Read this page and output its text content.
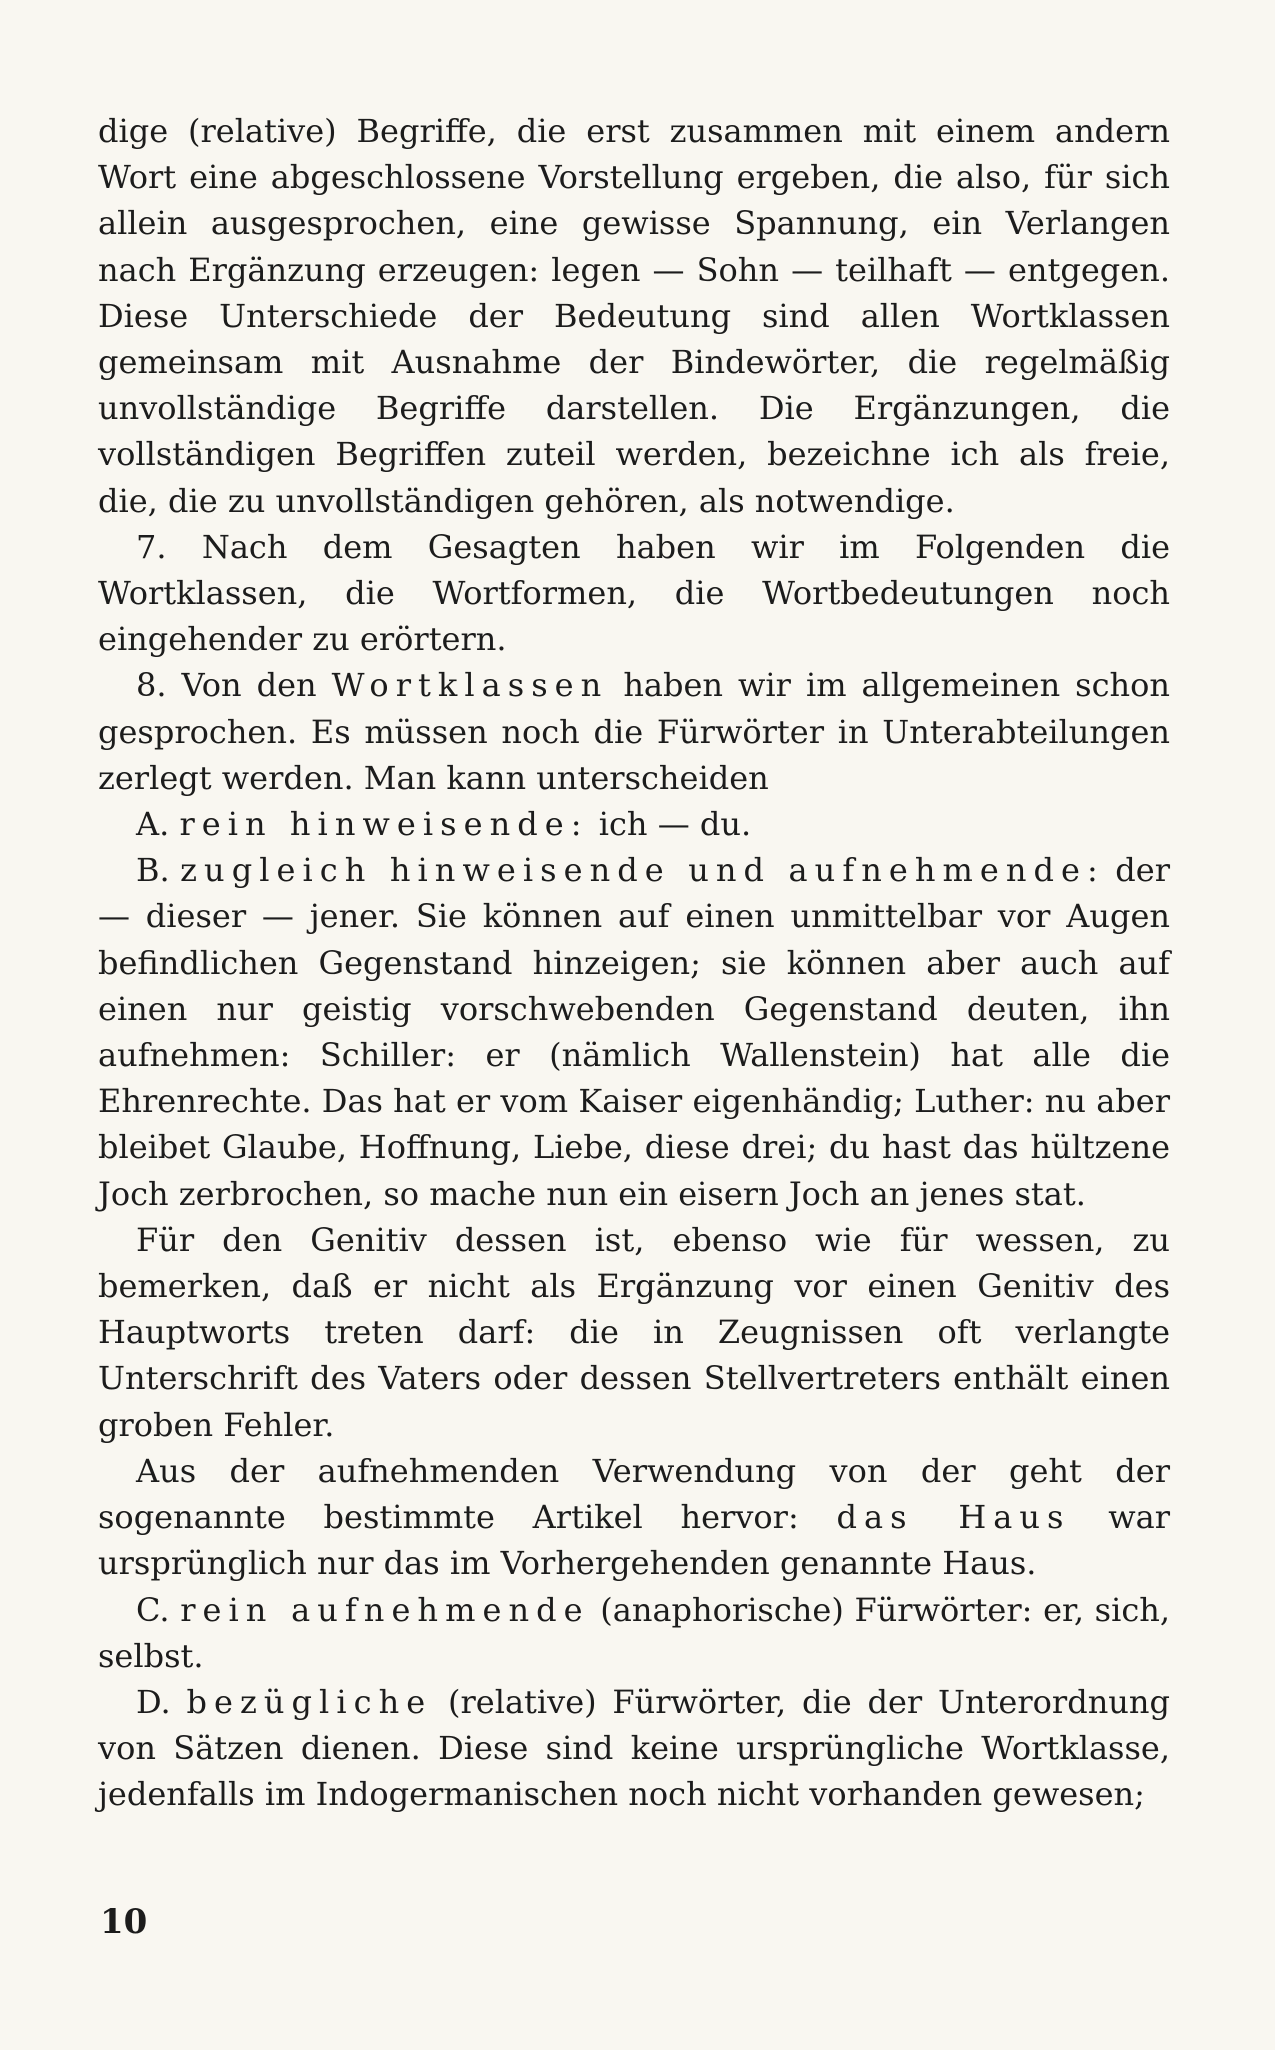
dige (relative) Begriffe, die erst zusammen mit einem andern Wort eine abgeschlossene Vorstellung ergeben, die also, für sich allein ausgesprochen, eine gewisse Spannung, ein Verlangen nach Ergänzung erzeugen: legen — Sohn — teilhaft — entgegen. Diese Unterschiede der Bedeutung sind allen Wortklassen gemeinsam mit Ausnahme der Bindewörter, die regelmäßig unvollständige Begriffe darstellen. Die Ergänzungen, die vollständigen Begriffen zuteil werden, bezeichne ich als freie, die, die zu unvollständigen gehören, als notwendige.

7. Nach dem Gesagten haben wir im Folgenden die Wortklassen, die Wortformen, die Wortbedeutungen noch eingehender zu erörtern.

8. Von den Wortklassen haben wir im allgemeinen schon gesprochen. Es müssen noch die Fürwörter in Unterabteilungen zerlegt werden. Man kann unterscheiden

A. rein hinweisende: ich — du.

B. zugleich hinweisende und aufnehmende: der — dieser — jener. Sie können auf einen unmittelbar vor Augen befindlichen Gegenstand hinzeigen; sie können aber auch auf einen nur geistig vorschwebenden Gegenstand deuten, ihn aufnehmen: Schiller: er (nämlich Wallenstein) hat alle die Ehrenrechte. Das hat er vom Kaiser eigenhändig; Luther: nu aber bleibet Glaube, Hoffnung, Liebe, diese drei; du hast das hültzene Joch zerbrochen, so mache nun ein eisern Joch an jenes stat.

Für den Genitiv dessen ist, ebenso wie für wessen, zu bemerken, daß er nicht als Ergänzung vor einen Genitiv des Hauptworts treten darf: die in Zeugnissen oft verlangte Unterschrift des Vaters oder dessen Stellvertreters enthält einen groben Fehler.

Aus der aufnehmenden Verwendung von der geht der sogenannte bestimmte Artikel hervor: das Haus war ursprünglich nur das im Vorhergehenden genannte Haus.

C. rein aufnehmende (anaphorische) Fürwörter: er, sich, selbst.

D. bezügliche (relative) Fürwörter, die der Unterordnung von Sätzen dienen. Diese sind keine ursprüngliche Wortklasse, jedenfalls im Indogermanischen noch nicht vorhanden gewesen;

10
